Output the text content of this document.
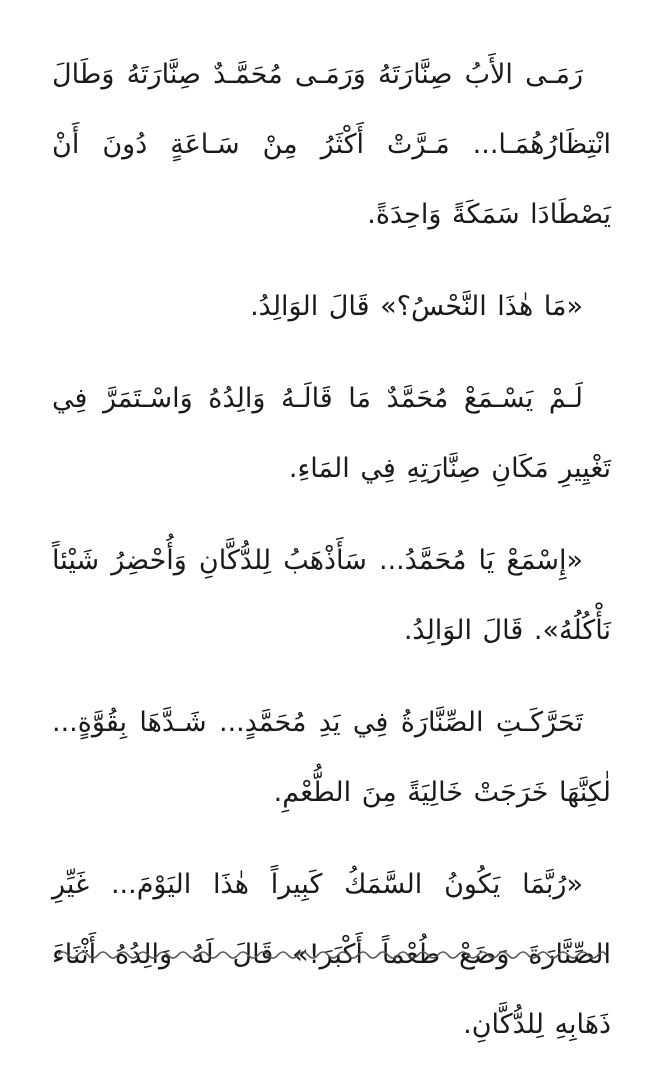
رَمَـى الأَبُ صِنَّارَتَهُ وَرَمَـى مُحَمَّـدٌ صِنَّارَتَهُ وَطَالَ انْتِظَارُهُمَـا... مَـرَّتْ أَكْثَرُ مِنْ سَـاعَةٍ دُونَ أَنْ يَصْطَادَا سَمَكَةً وَاحِدَةً.

«مَا هٰذَا النَّحْسُ؟» قَالَ الوَالِدُ.

لَـمْ يَسْـمَعْ مُحَمَّدٌ مَا قَالَـهُ وَالِدُهُ وَاسْـتَمَرَّ فِي تَغْيِيرِ مَكَانِ صِنَّارَتِهِ فِي المَاءِ.

«إِسْمَعْ يَا مُحَمَّدُ... سَأَذْهَبُ لِلدُّكَّانِ وَأُحْضِرُ شَيْئاً نَأْكُلُهُ». قَالَ الوَالِدُ.

تَحَرَّكَـتِ الصِّنَّارَةُ فِي يَدِ مُحَمَّدٍ... شَـدَّهَا بِقُوَّةٍ... لٰكِنَّهَا خَرَجَتْ خَالِيَةً مِنَ الطُّعْمِ.

«رُبَّمَا يَكُونُ السَّمَكُ كَبِيراً هٰذَا اليَوْمَ... غَيِّرِ الصِّنَّارَةَ وَضَعْ طُعْماً أَكْبَرَ!» قَالَ لَهُ وَالِدُهُ أَثْنَاءَ ذَهَابِهِ لِلدُّكَّانِ.
